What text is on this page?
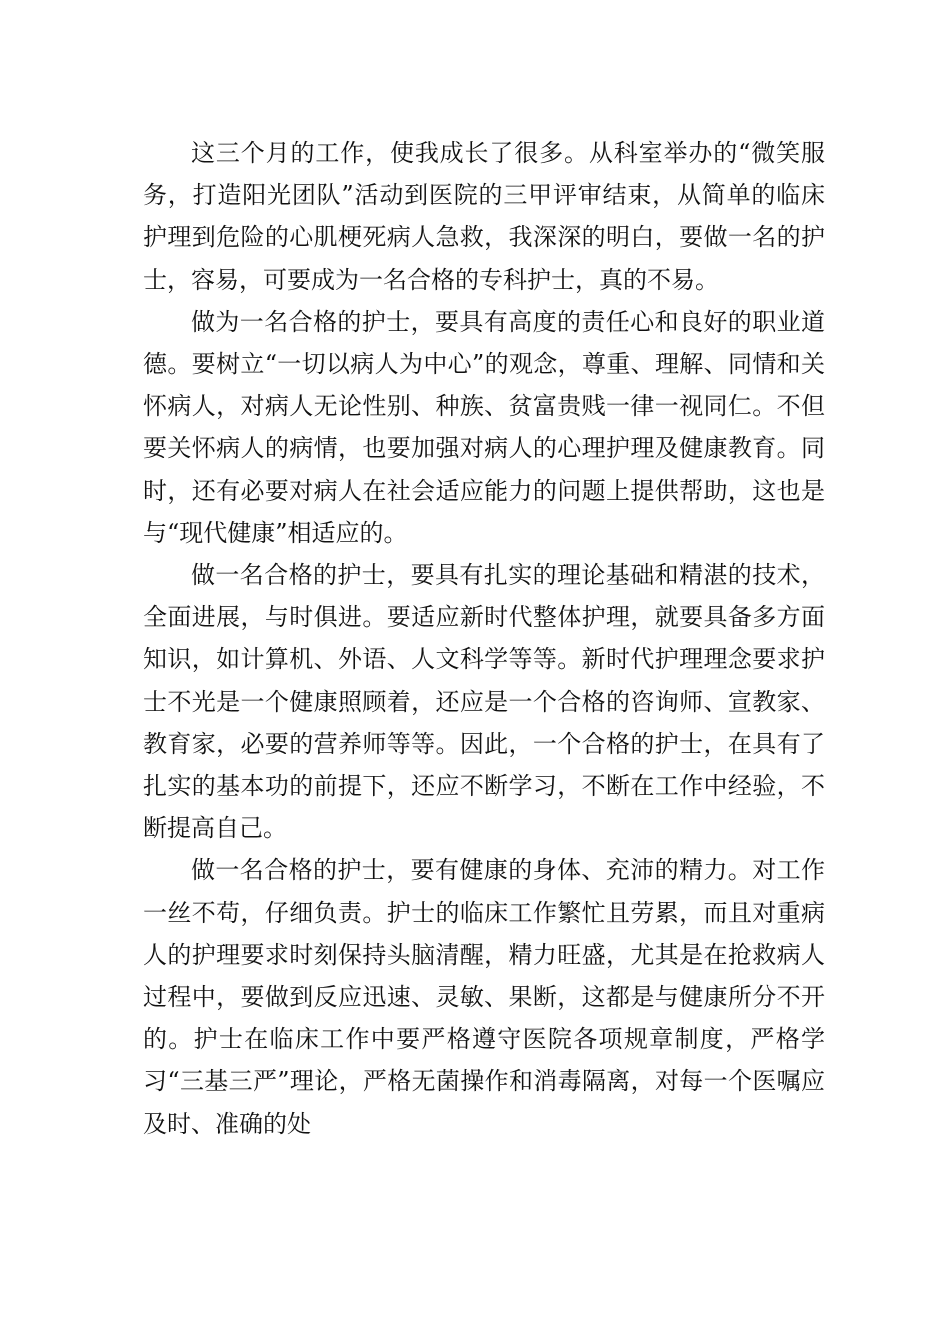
这三个月的工作，使我成长了很多。从科室举办的“微笑服务，打造阳光团队”活动到医院的三甲评审结束，从简单的临床护理到危险的心肌梗死病人急救，我深深的明白，要做一名的护士，容易，可要成为一名合格的专科护士，真的不易。

做为一名合格的护士，要具有高度的责任心和良好的职业道德。要树立“一切以病人为中心”的观念，尊重、理解、同情和关怀病人，对病人无论性别、种族、贫富贵贱一律一视同仁。不但要关怀病人的病情，也要加强对病人的心理护理及健康教育。同时，还有必要对病人在社会适应能力的问题上提供帮助，这也是与“现代健康”相适应的。

做一名合格的护士，要具有扎实的理论基础和精湛的技术，全面进展，与时俱进。要适应新时代整体护理，就要具备多方面知识，如计算机、外语、人文科学等等。新时代护理理念要求护士不光是一个健康照顾着，还应是一个合格的咨询师、宣教家、教育家，必要的营养师等等。因此，一个合格的护士，在具有了扎实的基本功的前提下，还应不断学习，不断在工作中经验，不断提高自己。

做一名合格的护士，要有健康的身体、充沛的精力。对工作一丝不苟，仔细负责。护士的临床工作繁忙且劳累，而且对重病人的护理要求时刻保持头脑清醒，精力旺盛，尤其是在抢救病人过程中，要做到反应迅速、灵敏、果断，这都是与健康所分不开的。护士在临床工作中要严格遵守医院各项规章制度，严格学习“三基三严”理论，严格无菌操作和消毒隔离，对每一个医嘱应及时、准确的处
